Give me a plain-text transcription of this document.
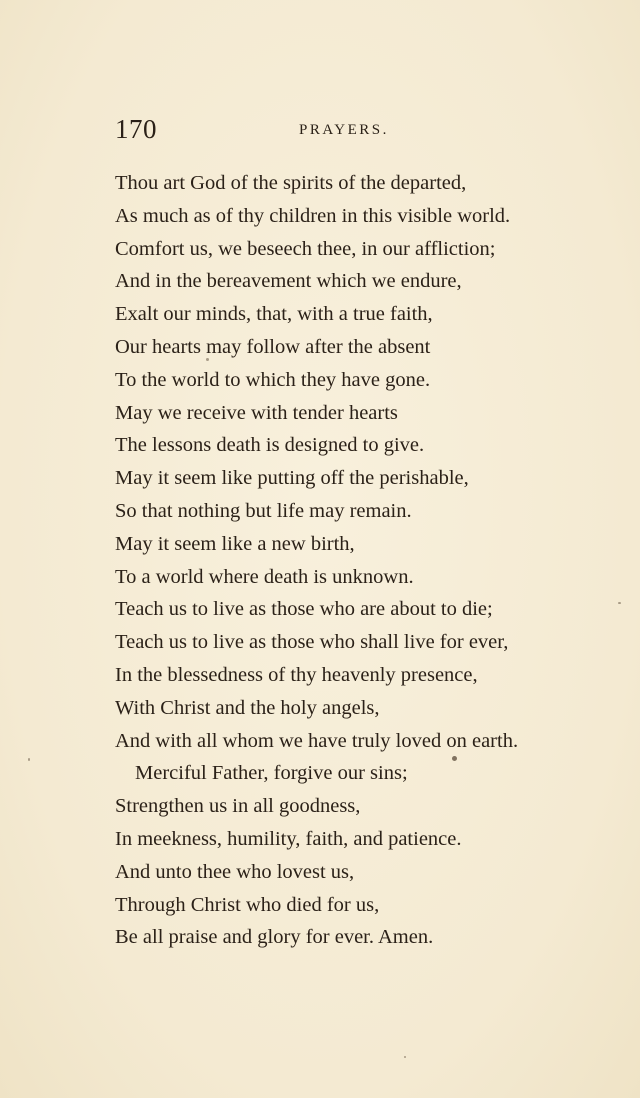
170	PRAYERS.
Thou art God of the spirits of the departed,
As much as of thy children in this visible world.
Comfort us, we beseech thee, in our affliction;
And in the bereavement which we endure,
Exalt our minds, that, with a true faith,
Our hearts may follow after the absent
To the world to which they have gone.
May we receive with tender hearts
The lessons death is designed to give.
May it seem like putting off the perishable,
So that nothing but life may remain.
May it seem like a new birth,
To a world where death is unknown.
Teach us to live as those who are about to die;
Teach us to live as those who shall live for ever,
In the blessedness of thy heavenly presence,
With Christ and the holy angels,
And with all whom we have truly loved on earth.
Merciful Father, forgive our sins;
Strengthen us in all goodness,
In meekness, humility, faith, and patience.
And unto thee who lovest us,
Through Christ who died for us,
Be all praise and glory for ever. Amen.
